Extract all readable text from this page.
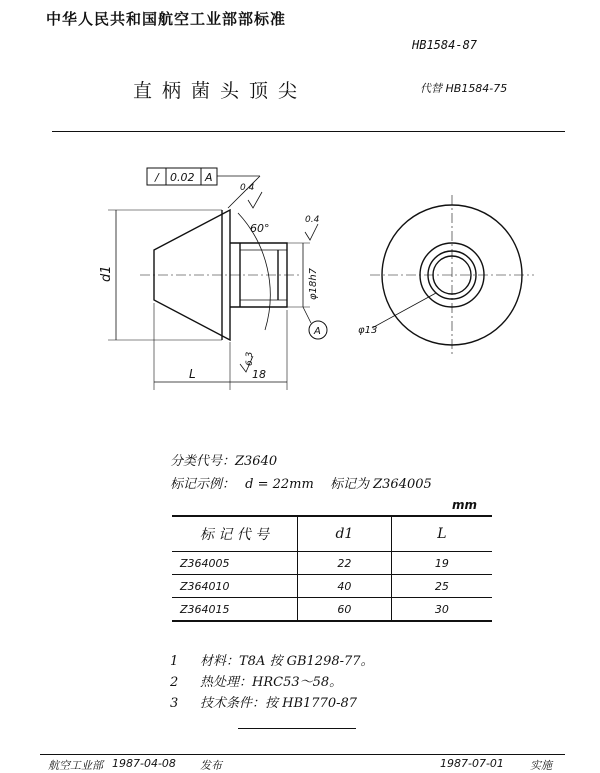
中华人民共和国航空工业部部标准
HB1584-87
直柄菌头顶尖	代替 HB1584-75
/ 0.02 A
0.4
60°
0.4
d1	φ18h7
A
6.3
L	18
φ13
分类代号：Z3640
标记示例： d = 22mm 标记为 Z364005
mm
标 记 代 号	d1	L
Z364005	22	19
Z364010	40	25
Z364015	60	30
1 材料：T8A 按 GB1298-77。
2 热处理：HRC53～58。
3 技术条件：按 HB1770-87
航空工业部 1987-04-08 发布	1987-07-01 实施
